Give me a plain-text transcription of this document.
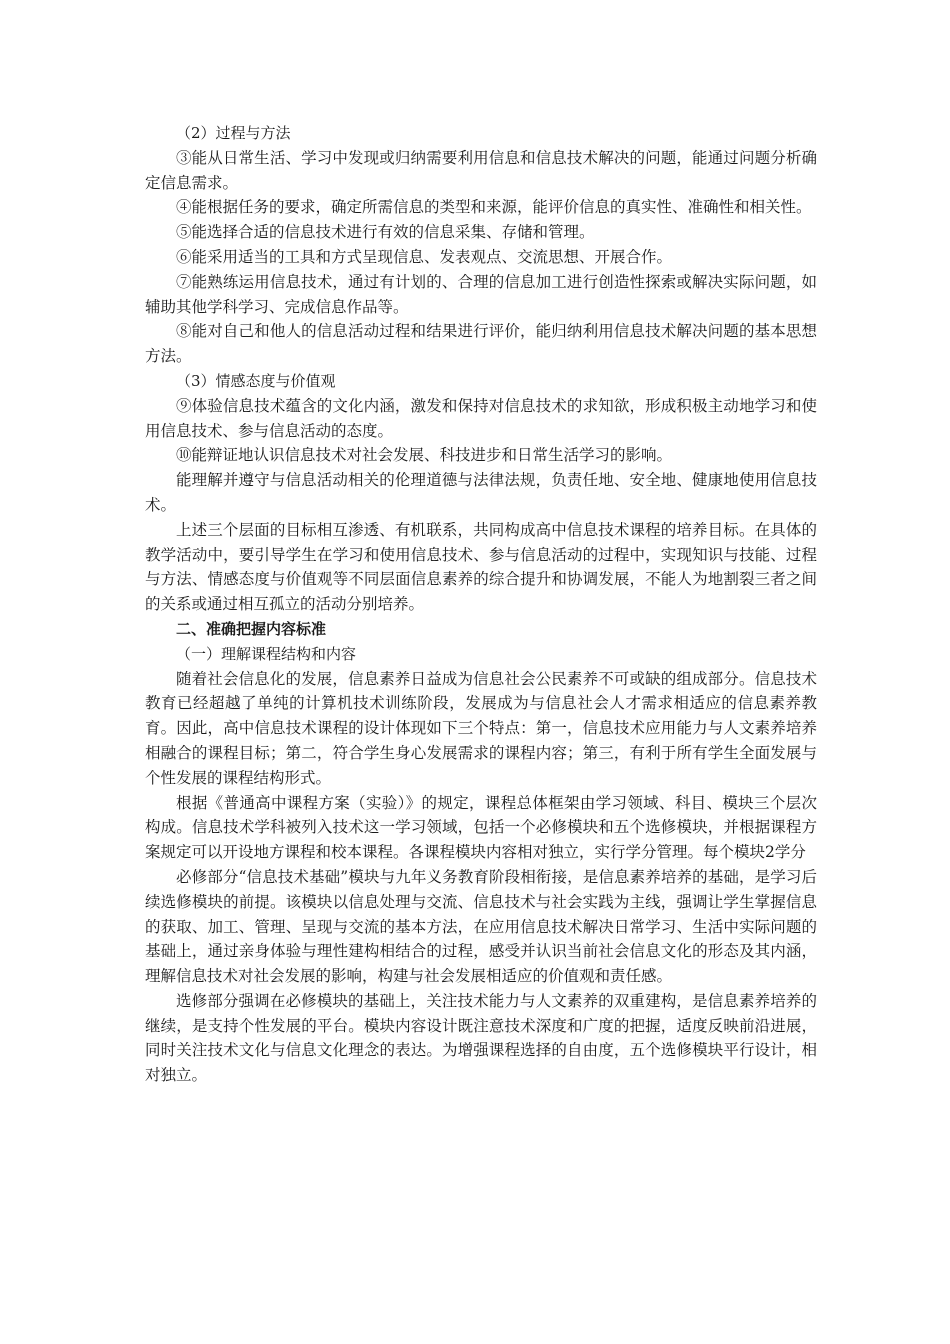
（2）过程与方法

③能从日常生活、学习中发现或归纳需要利用信息和信息技术解决的问题，能通过问题分析确定信息需求。

④能根据任务的要求，确定所需信息的类型和来源，能评价信息的真实性、准确性和相关性。

⑤能选择合适的信息技术进行有效的信息采集、存储和管理。

⑥能采用适当的工具和方式呈现信息、发表观点、交流思想、开展合作。

⑦能熟练运用信息技术，通过有计划的、合理的信息加工进行创造性探索或解决实际问题，如辅助其他学科学习、完成信息作品等。

⑧能对自己和他人的信息活动过程和结果进行评价，能归纳利用信息技术解决问题的基本思想方法。

（3）情感态度与价值观

⑨体验信息技术蕴含的文化内涵，激发和保持对信息技术的求知欲，形成积极主动地学习和使用信息技术、参与信息活动的态度。

⑩能辩证地认识信息技术对社会发展、科技进步和日常生活学习的影响。

能理解并遵守与信息活动相关的伦理道德与法律法规，负责任地、安全地、健康地使用信息技术。

上述三个层面的目标相互渗透、有机联系，共同构成高中信息技术课程的培养目标。在具体的教学活动中，要引导学生在学习和使用信息技术、参与信息活动的过程中，实现知识与技能、过程与方法、情感态度与价值观等不同层面信息素养的综合提升和协调发展，不能人为地割裂三者之间的关系或通过相互孤立的活动分别培养。

二、准确把握内容标准

（一）理解课程结构和内容

随着社会信息化的发展，信息素养日益成为信息社会公民素养不可或缺的组成部分。信息技术教育已经超越了单纯的计算机技术训练阶段，发展成为与信息社会人才需求相适应的信息素养教育。因此，高中信息技术课程的设计体现如下三个特点：第一，信息技术应用能力与人文素养培养相融合的课程目标；第二，符合学生身心发展需求的课程内容；第三，有利于所有学生全面发展与个性发展的课程结构形式。

根据《普通高中课程方案（实验）》的规定，课程总体框架由学习领域、科目、模块三个层次构成。信息技术学科被列入技术这一学习领域，包括一个必修模块和五个选修模块，并根据课程方案规定可以开设地方课程和校本课程。各课程模块内容相对独立，实行学分管理。每个模块2学分

必修部分“信息技术基础”模块与九年义务教育阶段相衔接，是信息素养培养的基础，是学习后续选修模块的前提。该模块以信息处理与交流、信息技术与社会实践为主线，强调让学生掌握信息的获取、加工、管理、呈现与交流的基本方法，在应用信息技术解决日常学习、生活中实际问题的基础上，通过亲身体验与理性建构相结合的过程，感受并认识当前社会信息文化的形态及其内涵，理解信息技术对社会发展的影响，构建与社会发展相适应的价值观和责任感。

选修部分强调在必修模块的基础上，关注技术能力与人文素养的双重建构，是信息素养培养的继续，是支持个性发展的平台。模块内容设计既注意技术深度和广度的把握，适度反映前沿进展，同时关注技术文化与信息文化理念的表达。为增强课程选择的自由度，五个选修模块平行设计，相对独立。
